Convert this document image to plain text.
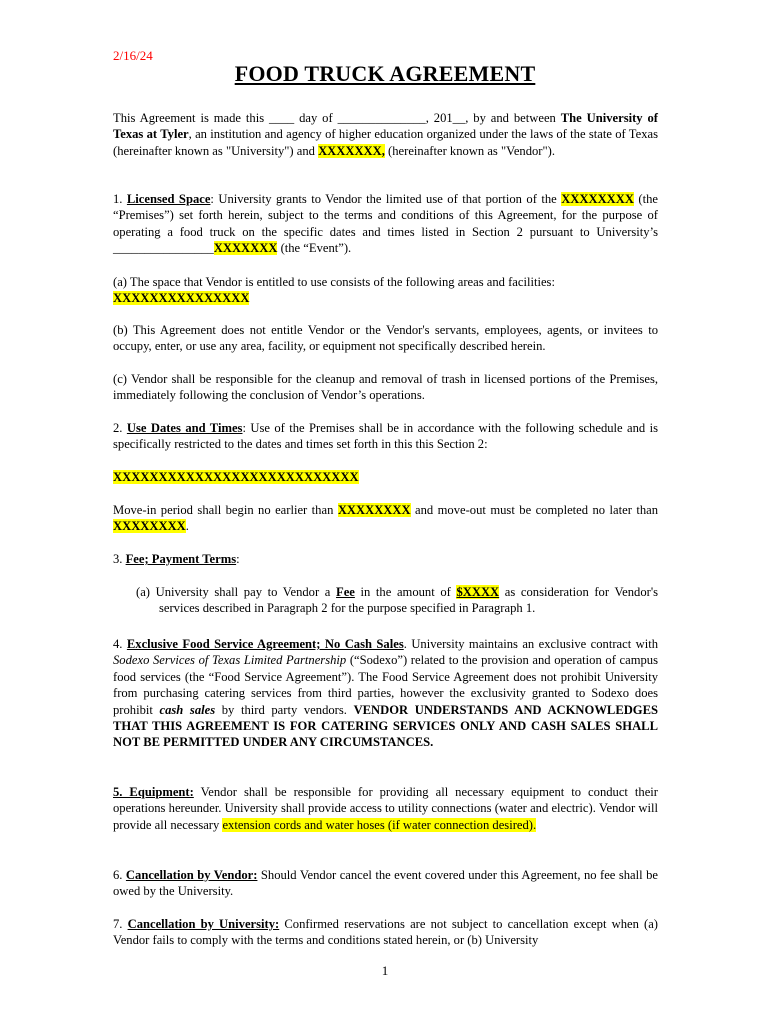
2/16/24
FOOD TRUCK AGREEMENT

This Agreement is made this ____ day of ______________, 201__, by and between The University of Texas at Tyler, an institution and agency of higher education organized under the laws of the state of Texas (hereinafter known as "University") and XXXXXXX, (hereinafter known as "Vendor").

1. Licensed Space: University grants to Vendor the limited use of that portion of the XXXXXXXX (the “Premises”) set forth herein, subject to the terms and conditions of this Agreement, for the purpose of operating a food truck on the specific dates and times listed in Section 2 pursuant to University’s ________________XXXXXXX (the “Event”).

(a) The space that Vendor is entitled to use consists of the following areas and facilities:
XXXXXXXXXXXXXXX

(b) This Agreement does not entitle Vendor or the Vendor's servants, employees, agents, or invitees to occupy, enter, or use any area, facility, or equipment not specifically described herein.

(c) Vendor shall be responsible for the cleanup and removal of trash in licensed portions of the Premises, immediately following the conclusion of Vendor’s operations.

2. Use Dates and Times: Use of the Premises shall be in accordance with the following schedule and is specifically restricted to the dates and times set forth in this this Section 2:

XXXXXXXXXXXXXXXXXXXXXXXXXXX

Move-in period shall begin no earlier than XXXXXXXX and move-out must be completed no later than XXXXXXXX.

3. Fee; Payment Terms:

(a) University shall pay to Vendor a Fee in the amount of $XXXX as consideration for Vendor's services described in Paragraph 2 for the purpose specified in Paragraph 1.

4. Exclusive Food Service Agreement; No Cash Sales. University maintains an exclusive contract with Sodexo Services of Texas Limited Partnership (“Sodexo”) related to the provision and operation of campus food services (the “Food Service Agreement”). The Food Service Agreement does not prohibit University from purchasing catering services from third parties, however the exclusivity granted to Sodexo does prohibit cash sales by third party vendors. VENDOR UNDERSTANDS AND ACKNOWLEDGES THAT THIS AGREEMENT IS FOR CATERING SERVICES ONLY AND CASH SALES SHALL NOT BE PERMITTED UNDER ANY CIRCUMSTANCES.

5. Equipment: Vendor shall be responsible for providing all necessary equipment to conduct their operations hereunder. University shall provide access to utility connections (water and electric). Vendor will provide all necessary extension cords and water hoses (if water connection desired).

6. Cancellation by Vendor: Should Vendor cancel the event covered under this Agreement, no fee shall be owed by the University.

7. Cancellation by University: Confirmed reservations are not subject to cancellation except when (a) Vendor fails to comply with the terms and conditions stated herein, or (b) University

1
